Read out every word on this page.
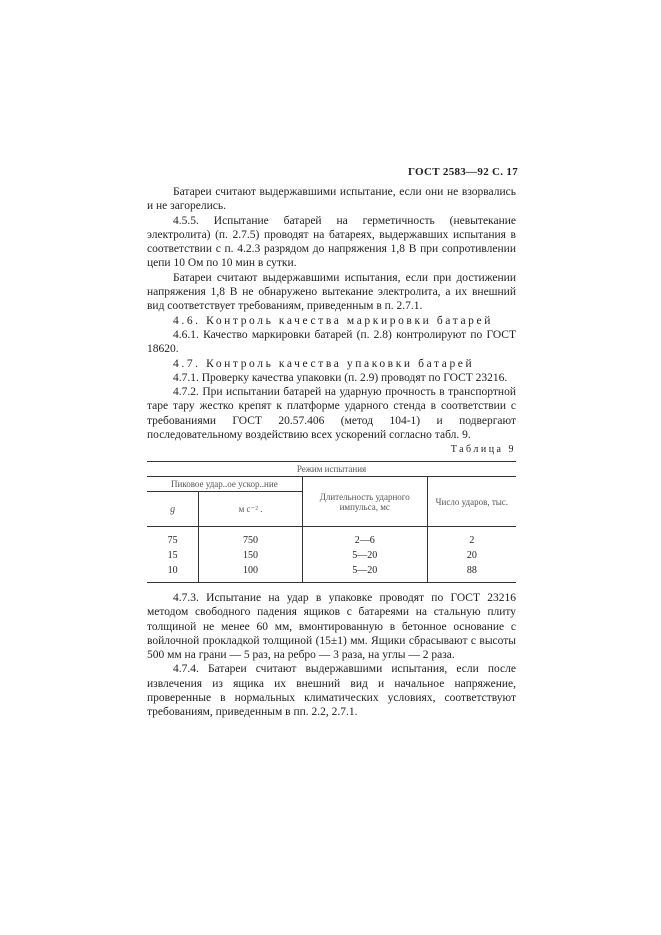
ГОСТ 2583—92 С. 17

Батареи считают выдержавшими испытание, если они не взорвались и не загорелись.

4.5.5. Испытание батарей на герметичность (невытекание электролита) (п. 2.7.5) проводят на батареях, выдержавших испытания в соответствии с п. 4.2.3 разрядом до напряжения 1,8 В при сопротивлении цепи 10 Ом по 10 мин в сутки.

Батареи считают выдержавшими испытания, если при достижении напряжения 1,8 В не обнаружено вытекание электролита, а их внешний вид соответствует требованиям, приведенным в п. 2.7.1.

4.6. Контроль качества маркировки батарей

4.6.1. Качество маркировки батарей (п. 2.8) контролируют по ГОСТ 18620.

4.7. Контроль качества упаковки батарей

4.7.1. Проверку качества упаковки (п. 2.9) проводят по ГОСТ 23216.

4.7.2. При испытании батарей на ударную прочность в транспортной таре тару жестко крепят к платформе ударного стенда в соответствии с требованиями ГОСТ 20.57.406 (метод 104-1) и подвергают последовательному воздействию всех ускорений согласно табл. 9.

Таблица 9
Режим испытания			
Пиковое удар..ое ускор..ние		Длительность ударного импульса, мс	Число ударов, тыс.
g	м с⁻² .		
75	750	2—6	2
15	150	5—20	20
10	100	5—20	88

4.7.3. Испытание на удар в упаковке проводят по ГОСТ 23216 методом свободного падения ящиков с батареями на стальную плиту толщиной не менее 60 мм, вмонтированную в бетонное основание с войлочной прокладкой толщиной (15±1) мм. Ящики сбрасывают с высоты 500 мм на грани — 5 раз, на ребро — 3 раза, на углы — 2 раза.

4.7.4. Батареи считают выдержавшими испытания, если после извлечения из ящика их внешний вид и начальное напряжение, проверенные в нормальных климатических условиях, соответствуют требованиям, приведенным в пп. 2.2, 2.7.1.
